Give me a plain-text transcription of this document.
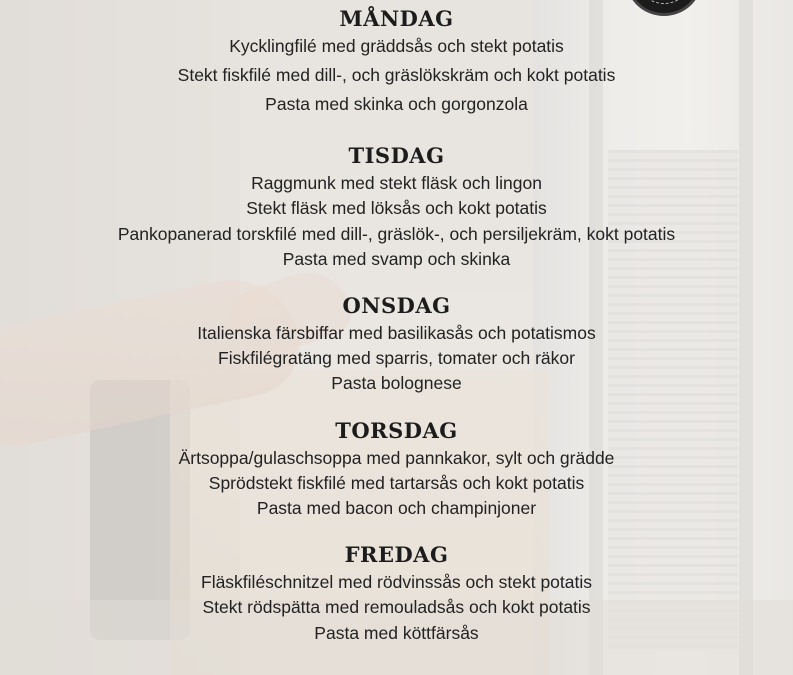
MÅNDAG
Kycklingfilé med gräddsås och stekt potatis
Stekt fiskfilé med dill-, och gräslökskräm och kokt potatis
Pasta med skinka och gorgonzola
TISDAG
Raggmunk med stekt fläsk och lingon
Stekt fläsk med löksås och kokt potatis
Pankopanerad torskfilé med dill-, gräslök-, och persiljekräm, kokt potatis
Pasta med svamp och skinka
ONSDAG
Italienska färsbiffar med basilikasås och potatismos
Fiskfilégratäng med sparris, tomater och räkor
Pasta bolognese
TORSDAG
Ärtsoppa/gulaschsoppa med pannkakor, sylt och grädde
Sprödstekt fiskfilé med tartarsås och kokt potatis
Pasta med bacon och champinjoner
FREDAG
Fläskfiléschnitzel med rödvinssås och stekt potatis
Stekt rödspätta med remouladsås och kokt potatis
Pasta med köttfärsås
